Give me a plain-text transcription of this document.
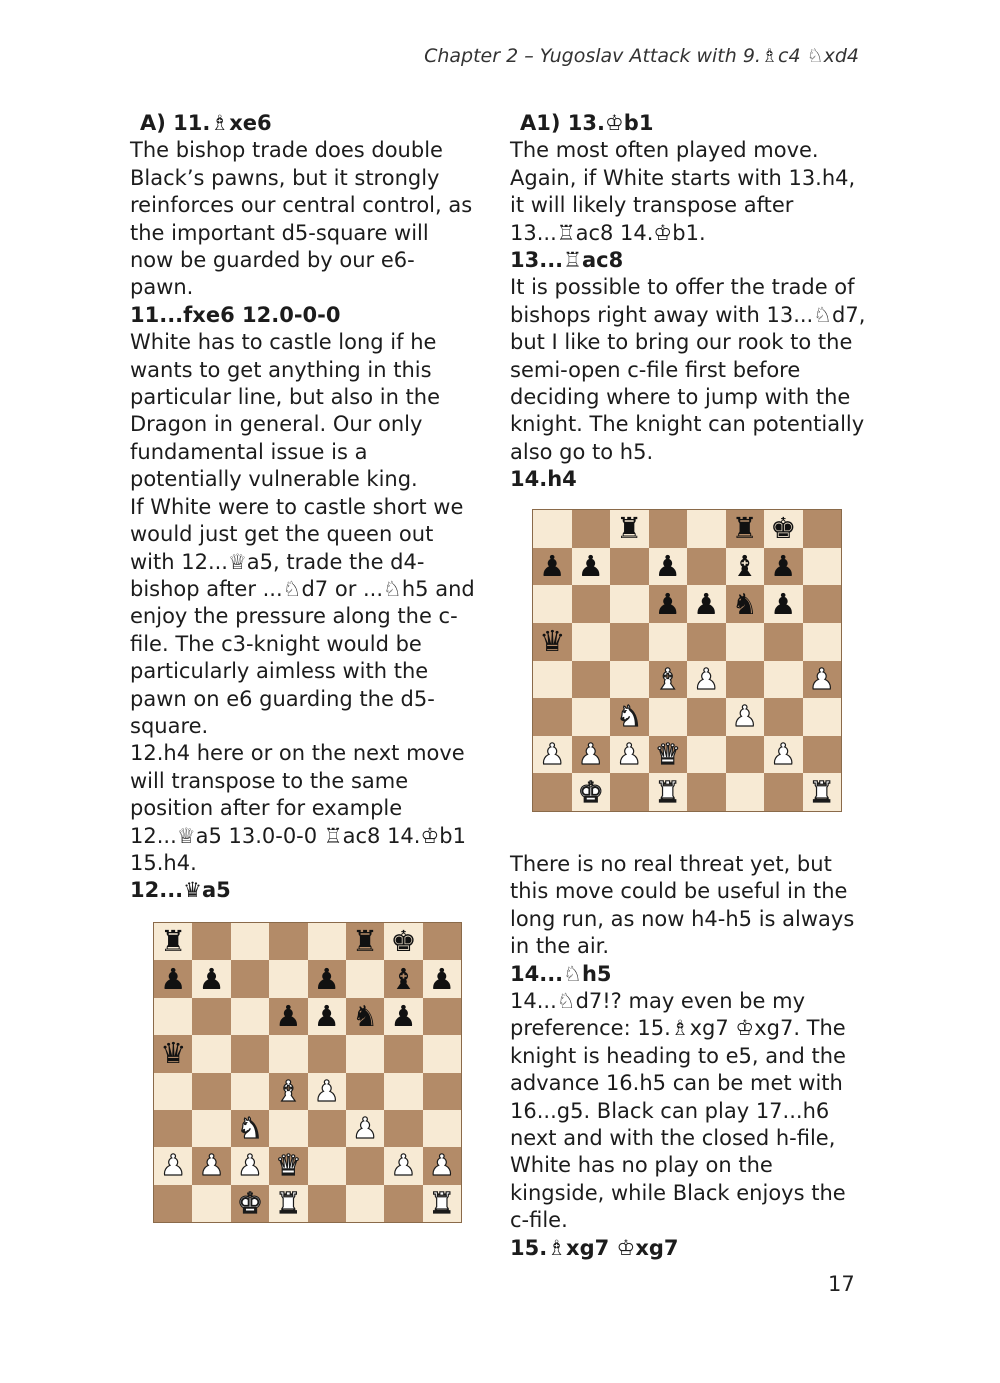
Chapter 2 – Yugoslav Attack with 9.♗c4 ♘xd4
A) 11.♗xe6
The bishop trade does double Black’s pawns, but it strongly reinforces our central control, as the important d5-square will now be guarded by our e6-pawn.
11...fxe6 12.0-0-0
White has to castle long if he wants to get anything in this particular line, but also in the Dragon in general. Our only fundamental issue is a potentially vulnerable king.
If White were to castle short we would just get the queen out with 12...♕a5, trade the d4-bishop after ...♘d7 or ...♘h5 and enjoy the pressure along the c-file. The c3-knight would be particularly aimless with the pawn on e6 guarding the d5-square.
12.h4 here or on the next move will transpose to the same position after for example 12...♕a5 13.0-0-0 ♖ac8 14.♔b1 15.h4.
12...♛a5
A1) 13.♔b1
The most often played move. Again, if White starts with 13.h4, it will likely transpose after 13...♖ac8 14.♔b1.
13...♖ac8
It is possible to offer the trade of bishops right away with 13...♘d7, but I like to bring our rook to the semi-open c-file first before deciding where to jump with the knight. The knight can potentially also go to h5.
14.h4
There is no real threat yet, but this move could be useful in the long run, as now h4-h5 is always in the air.
14...♘h5
14...♘d7!? may even be my preference: 15.♗xg7 ♔xg7. The knight is heading to e5, and the advance 16.h5 can be met with 16...g5. Black can play 17...h6 next and with the closed h-file, White has no play on the kingside, while Black enjoys the c-file.
15.♗xg7 ♔xg7
♜	♜ ♚
♟ ♟ ♟ ♝ ♟
♟ ♟ ♞ ♟
♛
♝ ♟	♟
♞	♟
♟ ♟ ♟ ♛	♟
♚ ♜	♜
♜	♜ ♚
♟ ♟	♟ ♝ ♟
♟ ♟ ♞ ♟
♛
♝ ♟
♞	♟
♟ ♟ ♟ ♛	♟ ♟
♚ ♜	♜
17
